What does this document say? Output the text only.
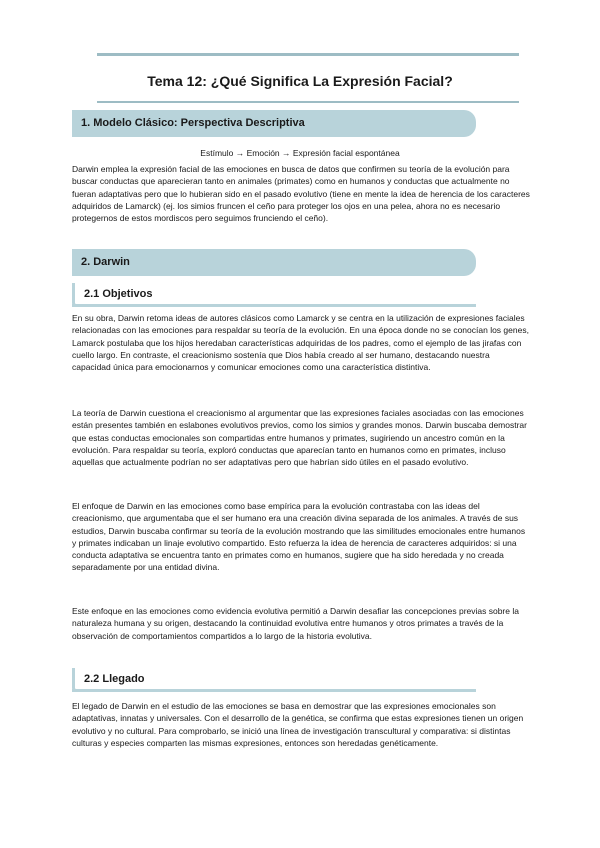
Tema 12: ¿Qué Significa La Expresión Facial?
1. Modelo Clásico: Perspectiva Descriptiva
Estímulo → Emoción → Expresión facial espontánea
Darwin emplea la expresión facial de las emociones en busca de datos que confirmen su teoría de la evolución para buscar conductas que aparecieran tanto en animales (primates) como en humanos y conductas que actualmente no fueran adaptativas pero que lo hubieran sido en el pasado evolutivo (tiene en mente la idea de herencia de los caracteres adquiridos de Lamarck) (ej. los simios fruncen el ceño para proteger los ojos en una pelea, ahora no es necesario protegernos de estos mordiscos pero seguimos frunciendo el ceño).
2. Darwin
2.1 Objetivos
En su obra, Darwin retoma ideas de autores clásicos como Lamarck y se centra en la utilización de expresiones faciales relacionadas con las emociones para respaldar su teoría de la evolución. En una época donde no se conocían los genes, Lamarck postulaba que los hijos heredaban características adquiridas de los padres, como el ejemplo de las jirafas con cuello largo. En contraste, el creacionismo sostenía que Dios había creado al ser humano, destacando nuestra capacidad única para emocionarnos y comunicar emociones como una característica distintiva.
La teoría de Darwin cuestiona el creacionismo al argumentar que las expresiones faciales asociadas con las emociones están presentes también en eslabones evolutivos previos, como los simios y grandes monos. Darwin buscaba demostrar que estas conductas emocionales son compartidas entre humanos y primates, sugiriendo un ancestro común en la evolución. Para respaldar su teoría, exploró conductas que aparecían tanto en humanos como en primates, incluso aquellas que actualmente podrían no ser adaptativas pero que habrían sido útiles en el pasado evolutivo.
El enfoque de Darwin en las emociones como base empírica para la evolución contrastaba con las ideas del creacionismo, que argumentaba que el ser humano era una creación divina separada de los animales. A través de sus estudios, Darwin buscaba confirmar su teoría de la evolución mostrando que las similitudes emocionales entre humanos y primates indicaban un linaje evolutivo compartido. Esto refuerza la idea de herencia de caracteres adquiridos: si una conducta adaptativa se encuentra tanto en primates como en humanos, sugiere que ha sido heredada y no creada separadamente por una entidad divina.
Este enfoque en las emociones como evidencia evolutiva permitió a Darwin desafiar las concepciones previas sobre la naturaleza humana y su origen, destacando la continuidad evolutiva entre humanos y otros primates a través de la observación de comportamientos compartidos a lo largo de la historia evolutiva.
2.2 Llegado
El legado de Darwin en el estudio de las emociones se basa en demostrar que las expresiones emocionales son adaptativas, innatas y universales. Con el desarrollo de la genética, se confirma que estas expresiones tienen un origen evolutivo y no cultural. Para comprobarlo, se inició una línea de investigación transcultural y comparativa: si distintas culturas y especies comparten las mismas expresiones, entonces son heredadas genéticamente.
